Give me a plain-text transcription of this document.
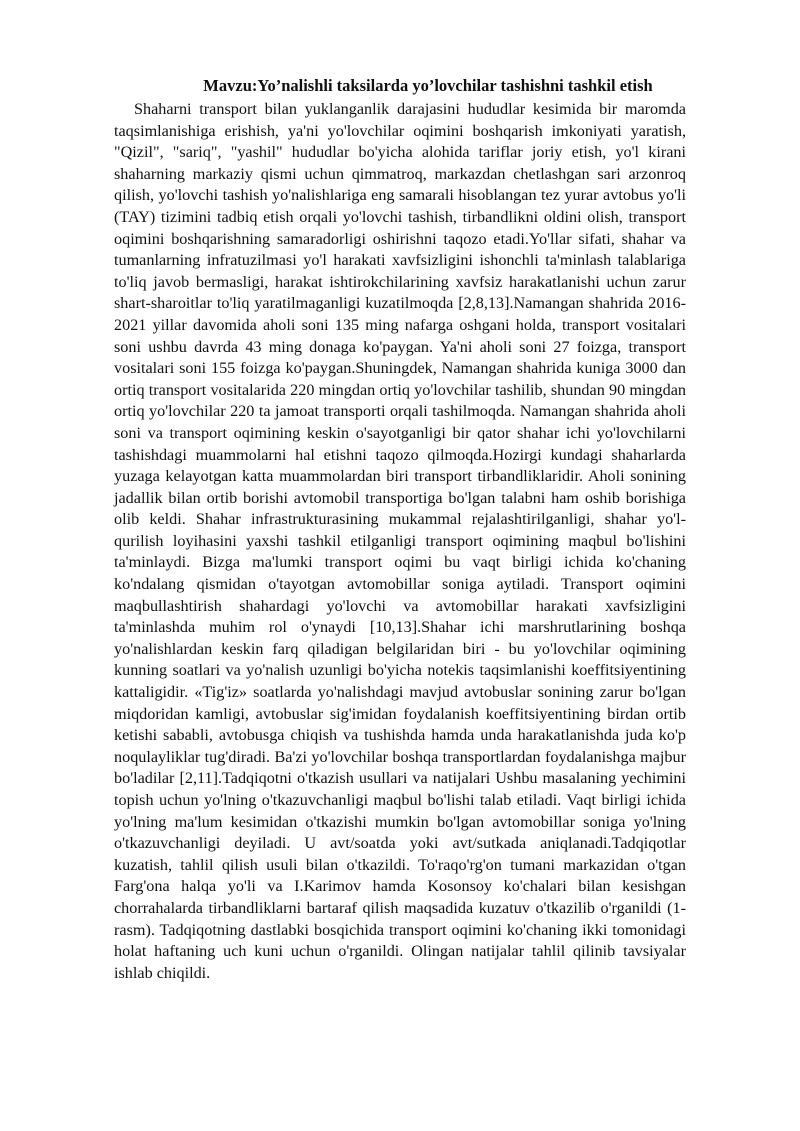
Mavzu:Yo’nalishli taksilarda yo’lovchilar tashishni tashkil etish

Shaharni transport bilan yuklanganlik darajasini hududlar kesimida bir maromda taqsimlanishiga erishish, ya'ni yo'lovchilar oqimini boshqarish imkoniyati yaratish, "Qizil", "sariq", "yashil" hududlar bo'yicha alohida tariflar joriy etish, yo'l kirani shaharning markaziy qismi uchun qimmatroq, markazdan chetlashgan sari arzonroq qilish, yo'lovchi tashish yo'nalishlariga eng samarali hisoblangan tez yurar avtobus yo'li (TAY) tizimini tadbiq etish orqali yo'lovchi tashish, tirbandlikni oldini olish, transport oqimini boshqarishning samaradorligi oshirishni taqozo etadi.Yo'llar sifati, shahar va tumanlarning infratuzilmasi yo'l harakati xavfsizligini ishonchli ta'minlash talablariga to'liq javob bermasligi, harakat ishtirokchilarining xavfsiz harakatlanishi uchun zarur shart-sharoitlar to'liq yaratilmaganligi kuzatilmoqda [2,8,13].Namangan shahrida 2016-2021 yillar davomida aholi soni 135 ming nafarga oshgani holda, transport vositalari soni ushbu davrda 43 ming donaga ko'paygan. Ya'ni aholi soni 27 foizga, transport vositalari soni 155 foizga ko'paygan.Shuningdek, Namangan shahrida kuniga 3000 dan ortiq transport vositalarida 220 mingdan ortiq yo'lovchilar tashilib, shundan 90 mingdan ortiq yo'lovchilar 220 ta jamoat transporti orqali tashilmoqda. Namangan shahrida aholi soni va transport oqimining keskin o'sayotganligi bir qator shahar ichi yo'lovchilarni tashishdagi muammolarni hal etishni taqozo qilmoqda.Hozirgi kundagi shaharlarda yuzaga kelayotgan katta muammolardan biri transport tirbandliklaridir. Aholi sonining jadallik bilan ortib borishi avtomobil transportiga bo'lgan talabni ham oshib borishiga olib keldi. Shahar infrastrukturasining mukammal rejalashtirilganligi, shahar yo'l-qurilish loyihasini yaxshi tashkil etilganligi transport oqimining maqbul bo'lishini ta'minlaydi. Bizga ma'lumki transport oqimi bu vaqt birligi ichida ko'chaning ko'ndalang qismidan o'tayotgan avtomobillar soniga aytiladi. Transport oqimini maqbullashtirish shahardagi yo'lovchi va avtomobillar harakati xavfsizligini ta'minlashda muhim rol o'ynaydi [10,13].Shahar ichi marshrutlarining boshqa yo'nalishlardan keskin farq qiladigan belgilaridan biri - bu yo'lovchilar oqimining kunning soatlari va yo'nalish uzunligi bo'yicha notekis taqsimlanishi koeffitsiyentining kattaligidir. «Tig'iz» soatlarda yo'nalishdagi mavjud avtobuslar sonining zarur bo'lgan miqdoridan kamligi, avtobuslar sig'imidan foydalanish koeffitsiyentining birdan ortib ketishi sababli, avtobusga chiqish va tushishda hamda unda harakatlanishda juda ko'p noqulayliklar tug'diradi. Ba'zi yo'lovchilar boshqa transportlardan foydalanishga majbur bo'ladilar [2,11].Tadqiqotni o'tkazish usullari va natijalari Ushbu masalaning yechimini topish uchun yo'lning o'tkazuvchanligi maqbul bo'lishi talab etiladi. Vaqt birligi ichida yo'lning ma'lum kesimidan o'tkazishi mumkin bo'lgan avtomobillar soniga yo'lning o'tkazuvchanligi deyiladi. U avt/soatda yoki avt/sutkada aniqlanadi.Tadqiqotlar kuzatish, tahlil qilish usuli bilan o'tkazildi. To'raqo'rg'on tumani markazidan o'tgan Farg'ona halqa yo'li va I.Karimov hamda Kosonsoy ko'chalari bilan kesishgan chorrahalarda tirbandliklarni bartaraf qilish maqsadida kuzatuv o'tkazilib o'rganildi (1-rasm). Tadqiqotning dastlabki bosqichida transport oqimini ko'chaning ikki tomonidagi holat haftaning uch kuni uchun o'rganildi. Olingan natijalar tahlil qilinib tavsiyalar ishlab chiqildi.
